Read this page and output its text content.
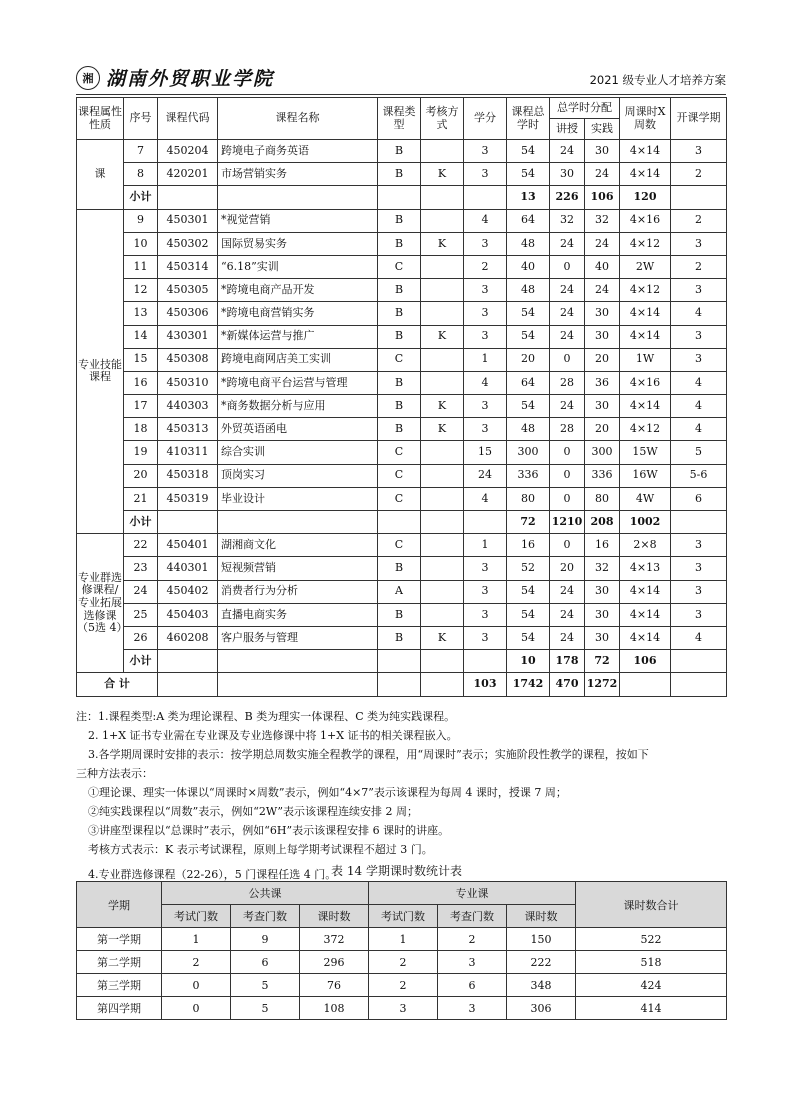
湘 湖南外贸职业学院	2021 级专业人才培养方案
课程属性性质	序号	课程代码	课程名称	课程类型	考核方式	学分	课程总学时	总学时分配		周课时X 周数	开课学期	
								讲授	实践			
课	7	450204	跨境电子商务英语	B		3	54	24	30	4×14	3	
	8	420201	市场营销实务	B	K	3	54	30	24	4×14	2	
	小计						13	226	106	120		
专业技能课程	9	450301	*视觉营销	B		4	64	32	32	4×16	2	
	10	450302	国际贸易实务	B	K	3	48	24	24	4×12	3	
	11	450314	“6.18”实训	C		2	40	0	40	2W	2	
	12	450305	*跨境电商产品开发	B		3	48	24	24	4×12	3	
	13	450306	*跨境电商营销实务	B		3	54	24	30	4×14	4	
	14	430301	*新媒体运营与推广	B	K	3	54	24	30	4×14	3	
	15	450308	跨境电商网店美工实训	C		1	20	0	20	1W	3	
	16	450310	*跨境电商平台运营与管理	B		4	64	28	36	4×16	4	
	17	440303	*商务数据分析与应用	B	K	3	54	24	30	4×14	4	
	18	450313	外贸英语函电	B	K	3	48	28	20	4×12	4	
	19	410311	综合实训	C		15	300	0	300	15W	5	
	20	450318	顶岗实习	C		24	336	0	336	16W	5-6	
	21	450319	毕业设计	C		4	80	0	80	4W	6	
	小计						72	1210	208	1002		
专业群选修课程/专业拓展选修课（5选 4）	22	450401	湖湘商文化	C		1	16	0	16	2×8	3	
	23	440301	短视频营销	B		3	52	20	32	4×13	3	
	24	450402	消费者行为分析	A		3	54	24	30	4×14	3	
	25	450403	直播电商实务	B		3	54	24	30	4×14	3	
	26	460208	客户服务与管理	B	K	3	54	24	30	4×14	4	
	小计						10	178	72	106		
合 计						103	1742	470	1272			
注：1.课程类型:A 类为理论课程、B 类为理实一体课程、C 类为纯实践课程。
2. 1+X 证书专业需在专业课及专业选修课中将 1+X 证书的相关课程嵌入。
3.各学期周课时安排的表示：按学期总周数实施全程教学的课程，用“周课时”表示；实施阶段性教学的课程，按如下
三种方法表示：
①理论课、理实一体课以“周课时×周数”表示，例如“4×7”表示该课程为每周 4 课时，授课 7 周；
②纯实践课程以“周数”表示，例如“2W”表示该课程连续安排 2 周；
③讲座型课程以“总课时”表示，例如“6H”表示该课程安排 6 课时的讲座。
考核方式表示：K 表示考试课程，原则上每学期考试课程不超过 3 门。
4.专业群选修课程（22-26），5 门课程任选 4 门。
表 14 学期课时数统计表
学期	公共课			专业课			课时数合计
	考试门数	考查门数	课时数	考试门数	考查门数	课时数	
第一学期	1	9	372	1	2	150	522
第二学期	2	6	296	2	3	222	518
第三学期	0	5	76	2	6	348	424
第四学期	0	5	108	3	3	306	414
